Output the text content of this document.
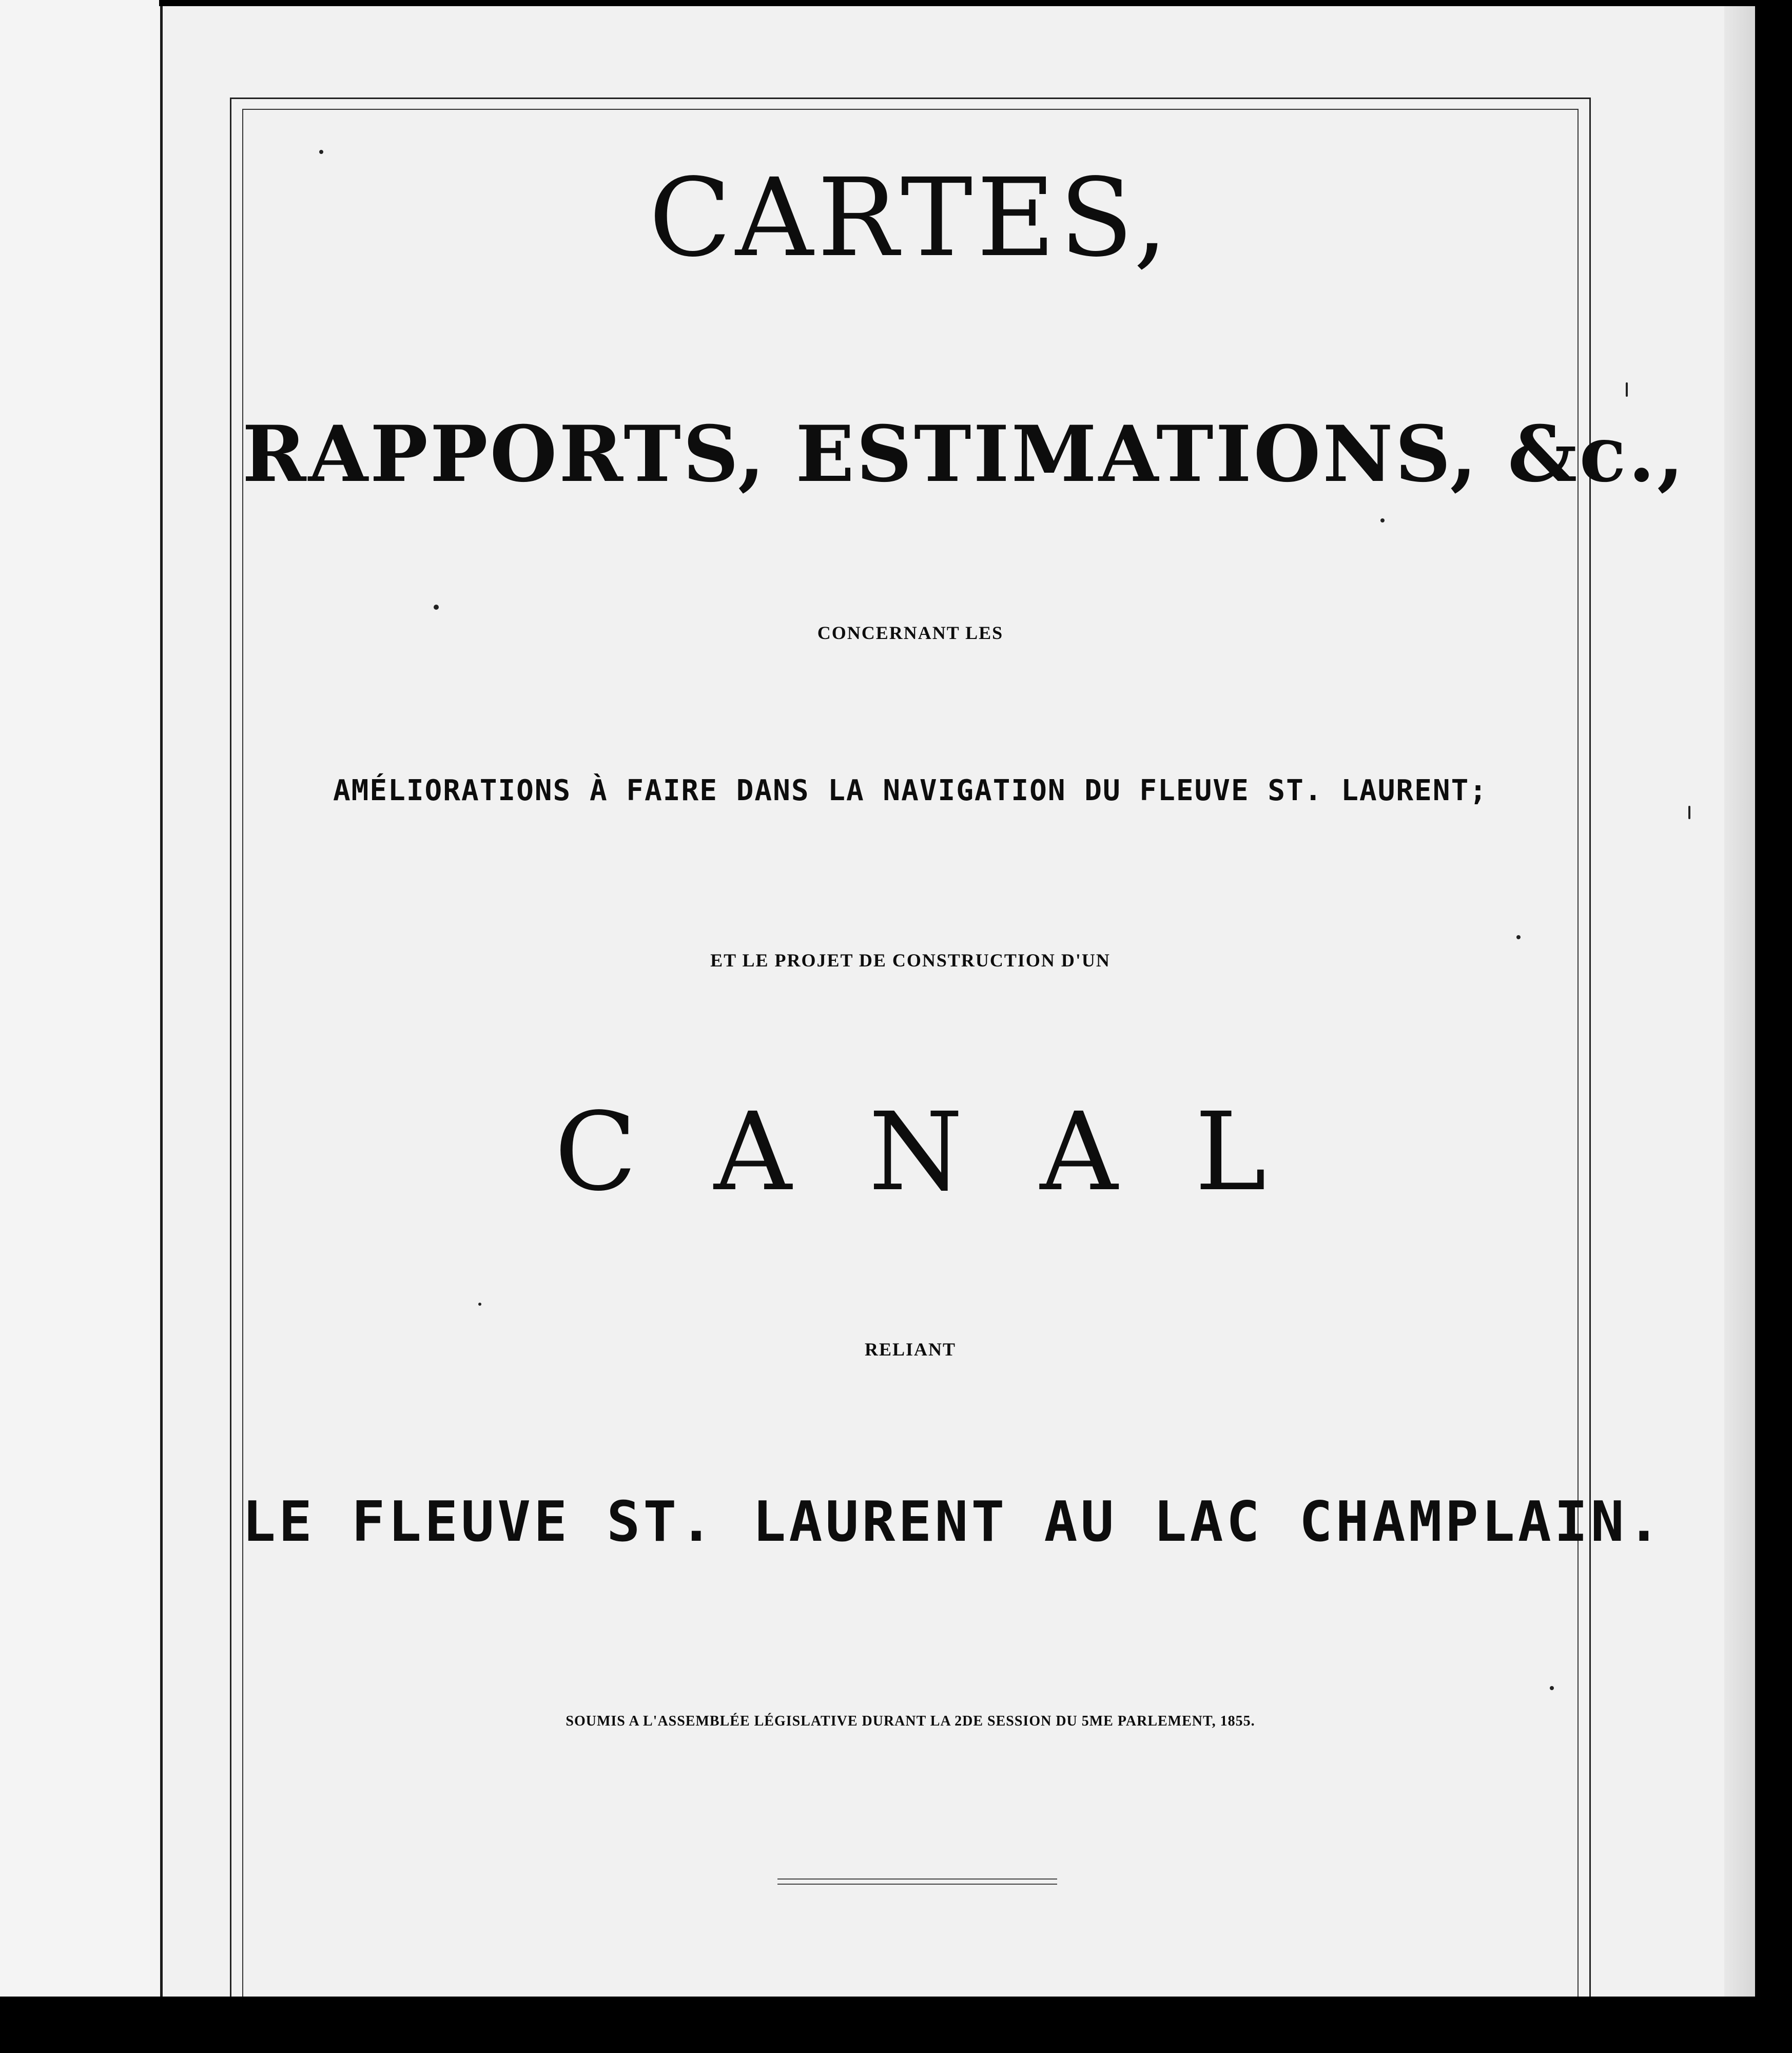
CARTES,
RAPPORTS, ESTIMATIONS, &c.,
CONCERNANT LES
AMÉLIORATIONS À FAIRE DANS LA NAVIGATION DU FLEUVE ST. LAURENT;
ET LE PROJET DE CONSTRUCTION D'UN
CANAL
RELIANT
LE FLEUVE ST. LAURENT AU LAC CHAMPLAIN.
SOUMIS A L'ASSEMBLÉE LÉGISLATIVE DURANT LA 2DE SESSION DU 5ME PARLEMENT, 1855.
